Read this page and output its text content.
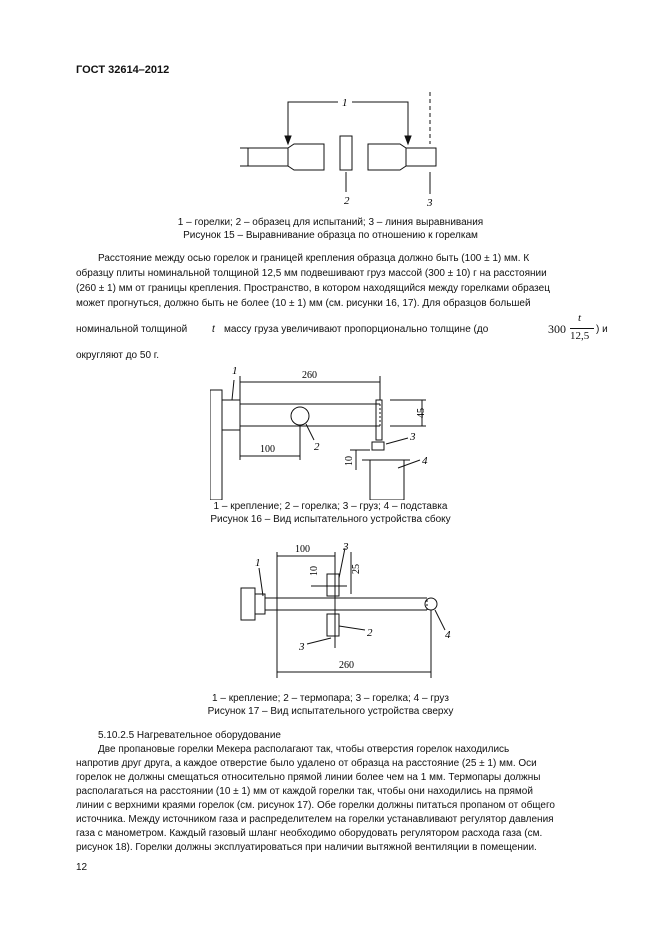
ГОСТ 32614–2012
1
2	3
1 – горелки; 2 – образец для испытаний; 3 – линия выравнивания
Рисунок 15 – Выравнивание образца по отношению к горелкам
Расстояние между осью горелок и границей крепления образца должно быть (100 ± 1) мм. К
образцу плиты номинальной толщиной 12,5 мм подвешивают груз массой (300 ± 10) г на расстоянии
(260 ± 1) мм от границы крепления. Пространство, в котором находящийся между горелками образец
может прогнуться, должно быть не более (10 ± 1) мм (см. рисунки 16, 17). Для образцов большей
номинальной толщиной t массу груза увеличивают пропорционально толщине (до	300
t
12,5
) и
округляют до 50 г.
1	260
100
45
10
2
3
4
1 – крепление; 2 – горелка; 3 – груз; 4 – подставка
Рисунок 16 – Вид испытательного устройства сбоку
100	3
10	25
1
2
3
4
260
1 – крепление; 2 – термопара; 3 – горелка; 4 – груз
Рисунок 17 – Вид испытательного устройства сверху
5.10.2.5 Нагревательное оборудование
Две пропановые горелки Мекера располагают так, чтобы отверстия горелок находились
напротив друг друга, а каждое отверстие было удалено от образца на расстояние (25 ± 1) мм. Оси
горелок не должны смещаться относительно прямой линии более чем на 1 мм. Термопары должны
располагаться на расстоянии (10 ± 1) мм от каждой горелки так, чтобы они находились на прямой
линии с верхними краями горелок (см. рисунок 17). Обе горелки должны питаться пропаном от общего
источника. Между источником газа и распределителем на горелки устанавливают регулятор давления
газа с манометром. Каждый газовый шланг необходимо оборудовать регулятором расхода газа (см.
рисунок 18). Горелки должны эксплуатироваться при наличии вытяжной вентиляции в помещении.
12
